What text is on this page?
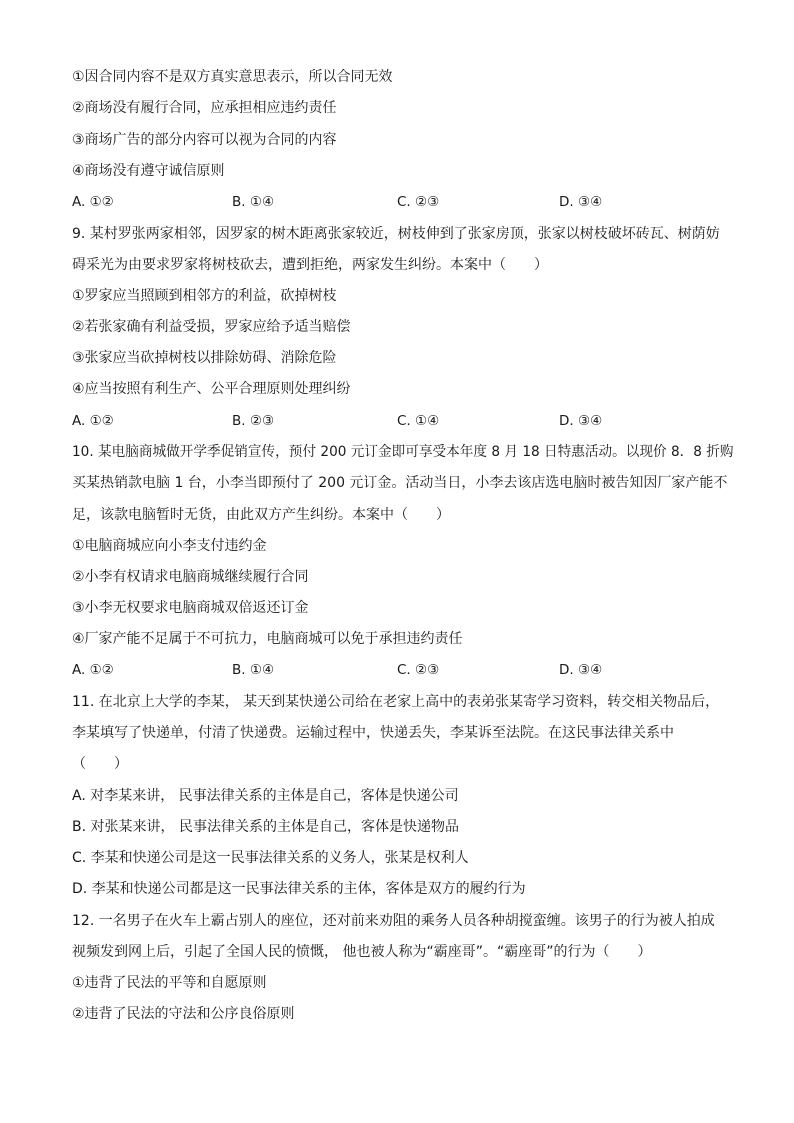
①因合同内容不是双方真实意思表示，所以合同无效
②商场没有履行合同，应承担相应违约责任
③商场广告的部分内容可以视为合同的内容
④商场没有遵守诚信原则
A. ①②	B. ①④	C. ②③	D. ③④
9. 某村罗张两家相邻，因罗家的树木距离张家较近，树枝伸到了张家房顶，张家以树枝破坏砖瓦、树荫妨
碍采光为由要求罗家将树枝砍去，遭到拒绝，两家发生纠纷。本案中（　　）
①罗家应当照顾到相邻方的利益，砍掉树枝
②若张家确有利益受损，罗家应给予适当赔偿
③张家应当砍掉树枝以排除妨碍、消除危险
④应当按照有利生产、公平合理原则处理纠纷
A. ①②	B. ②③	C. ①④	D. ③④
10. 某电脑商城做开学季促销宣传，预付 200 元订金即可享受本年度 8 月 18 日特惠活动。以现价 8．8 折购
买某热销款电脑 1 台，小李当即预付了 200 元订金。活动当日，小李去该店选电脑时被告知因厂家产能不
足，该款电脑暂时无货，由此双方产生纠纷。本案中（　　）
①电脑商城应向小李支付违约金
②小李有权请求电脑商城继续履行合同
③小李无权要求电脑商城双倍返还订金
④厂家产能不足属于不可抗力，电脑商城可以免于承担违约责任
A. ①②	B. ①④	C. ②③	D. ③④
11. 在北京上大学的李某， 某天到某快递公司给在老家上高中的表弟张某寄学习资料，转交相关物品后，
李某填写了快递单，付清了快递费。运输过程中，快递丢失，李某诉至法院。在这民事法律关系中
（　　）
A. 对李某来讲， 民事法律关系的主体是自己，客体是快递公司
B. 对张某来讲， 民事法律关系的主体是自己，客体是快递物品
C. 李某和快递公司是这一民事法律关系的义务人，张某是权利人
D. 李某和快递公司都是这一民事法律关系的主体，客体是双方的履约行为
12. 一名男子在火车上霸占别人的座位，还对前来劝阻的乘务人员各种胡搅蛮缠。该男子的行为被人拍成
视频发到网上后，引起了全国人民的愤慨， 他也被人称为“霸座哥”。“霸座哥”的行为（　　）
①违背了民法的平等和自愿原则
②违背了民法的守法和公序良俗原则
